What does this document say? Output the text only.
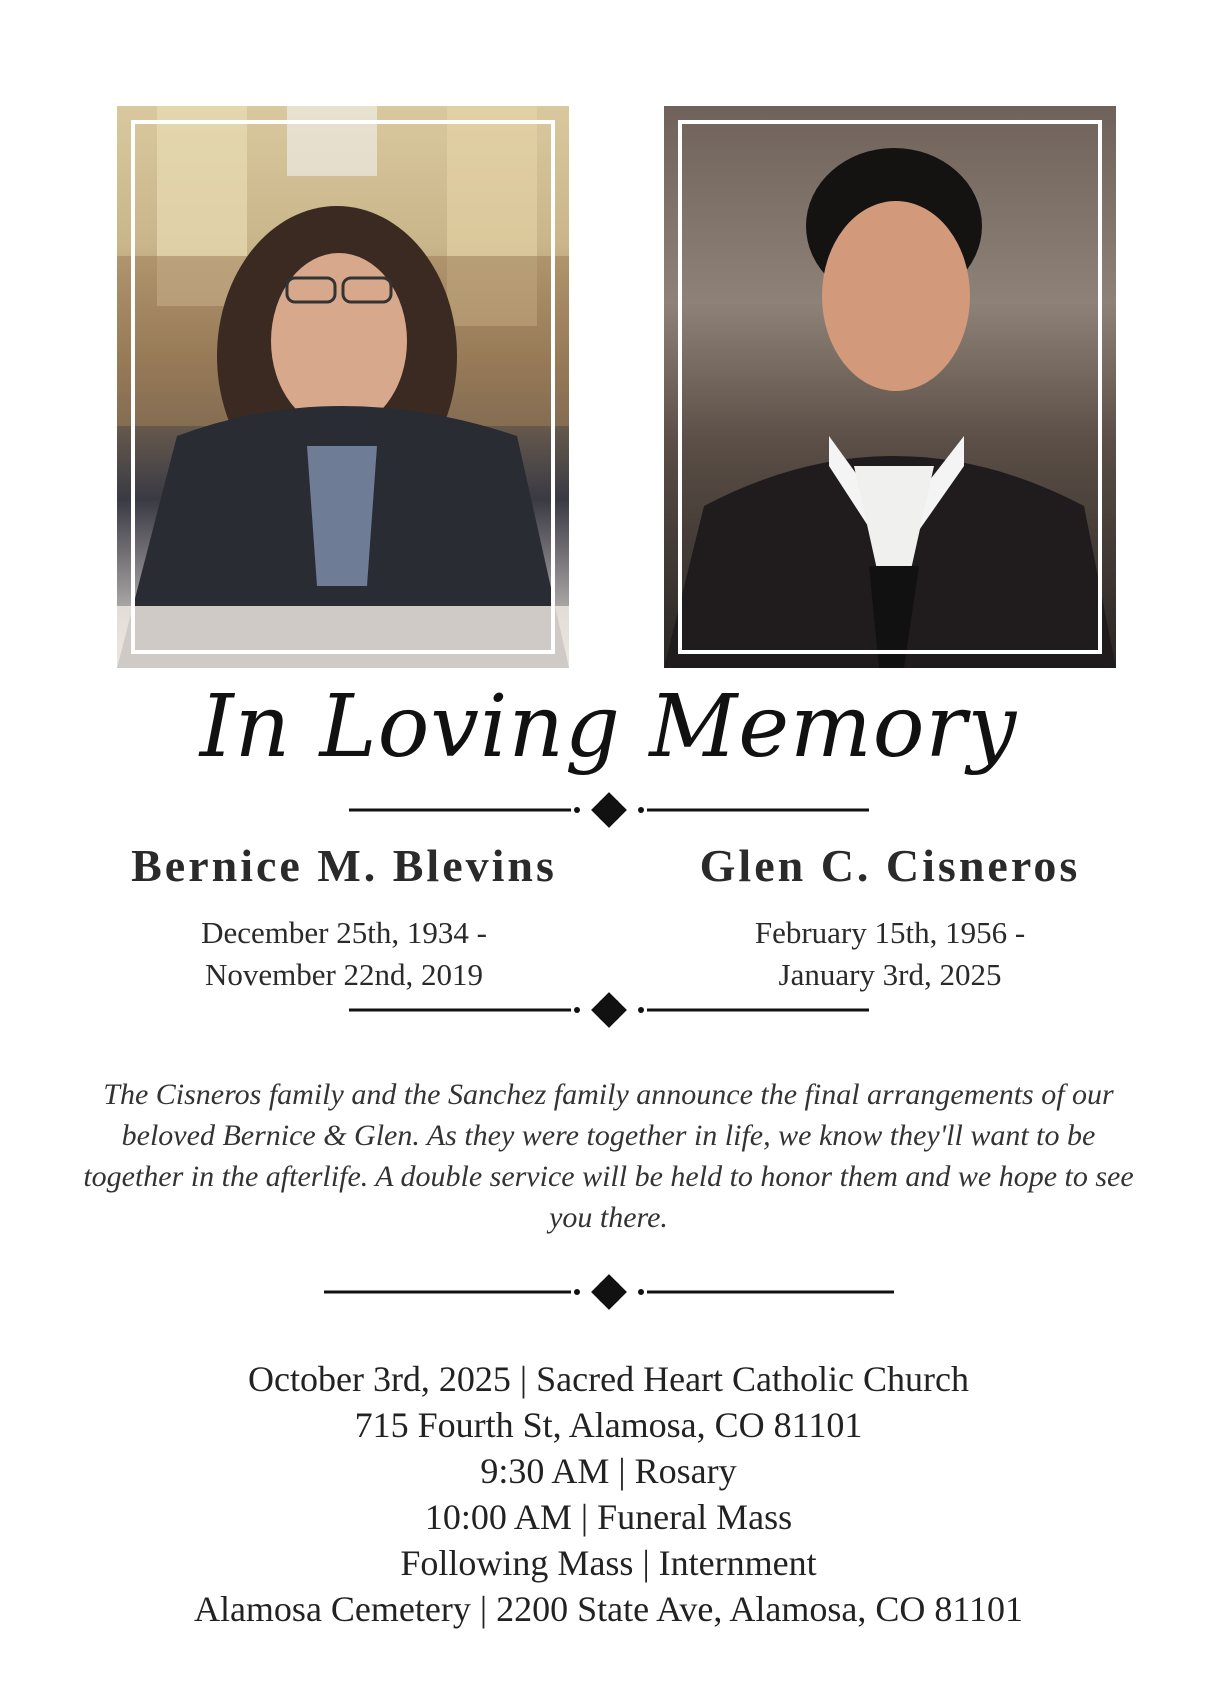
In Loving Memory
Bernice M. Blevins	Glen C. Cisneros
December 25th, 1934 -
November 22nd, 2019
February 15th, 1956 -
January 3rd, 2025
The Cisneros family and the Sanchez family announce the final arrangements of our beloved Bernice & Glen. As they were together in life, we know they'll want to be together in the afterlife. A double service will be held to honor them and we hope to see you there.
October 3rd, 2025 | Sacred Heart Catholic Church
715 Fourth St, Alamosa, CO 81101
9:30 AM | Rosary
10:00 AM | Funeral Mass
Following Mass | Internment
Alamosa Cemetery | 2200 State Ave, Alamosa, CO 81101
